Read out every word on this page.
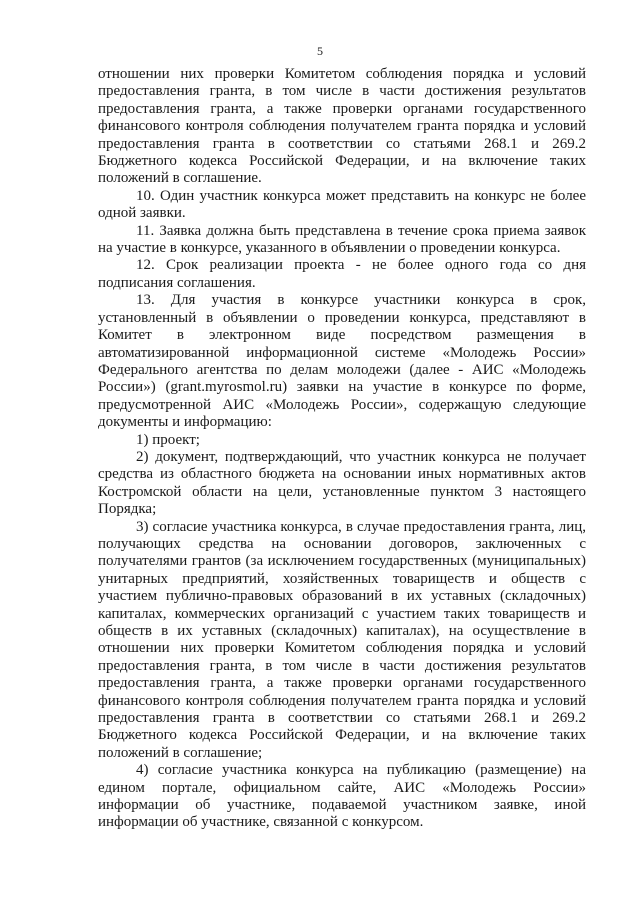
5

отношении них проверки Комитетом соблюдения порядка и условий предоставления гранта, в том числе в части достижения результатов предоставления гранта, а также проверки органами государственного финансового контроля соблюдения получателем гранта порядка и условий предоставления гранта в соответствии со статьями 268.1 и 269.2 Бюджетного кодекса Российской Федерации, и на включение таких положений в соглашение.

10. Один участник конкурса может представить на конкурс не более одной заявки.

11. Заявка должна быть представлена в течение срока приема заявок на участие в конкурсе, указанного в объявлении о проведении конкурса.

12. Срок реализации проекта - не более одного года со дня подписания соглашения.

13. Для участия в конкурсе участники конкурса в срок, установленный в объявлении о проведении конкурса, представляют в Комитет в электронном виде посредством размещения в автоматизированной информационной системе «Молодежь России» Федерального агентства по делам молодежи (далее - АИС «Молодежь России») (grant.myrosmol.ru) заявки на участие в конкурсе по форме, предусмотренной АИС «Молодежь России», содержащую следующие документы и информацию:

1) проект;

2) документ, подтверждающий, что участник конкурса не получает средства из областного бюджета на основании иных нормативных актов Костромской области на цели, установленные пунктом 3 настоящего Порядка;

3) согласие участника конкурса, в случае предоставления гранта, лиц, получающих средства на основании договоров, заключенных с получателями грантов (за исключением государственных (муниципальных) унитарных предприятий, хозяйственных товариществ и обществ с участием публично-правовых образований в их уставных (складочных) капиталах, коммерческих организаций с участием таких товариществ и обществ в их уставных (складочных) капиталах), на осуществление в отношении них проверки Комитетом соблюдения порядка и условий предоставления гранта, в том числе в части достижения результатов предоставления гранта, а также проверки органами государственного финансового контроля соблюдения получателем гранта порядка и условий предоставления гранта в соответствии со статьями 268.1 и 269.2 Бюджетного кодекса Российской Федерации, и на включение таких положений в соглашение;

4) согласие участника конкурса на публикацию (размещение) на едином портале, официальном сайте, АИС «Молодежь России» информации об участнике, подаваемой участником заявке, иной информации об участнике, связанной с конкурсом.
